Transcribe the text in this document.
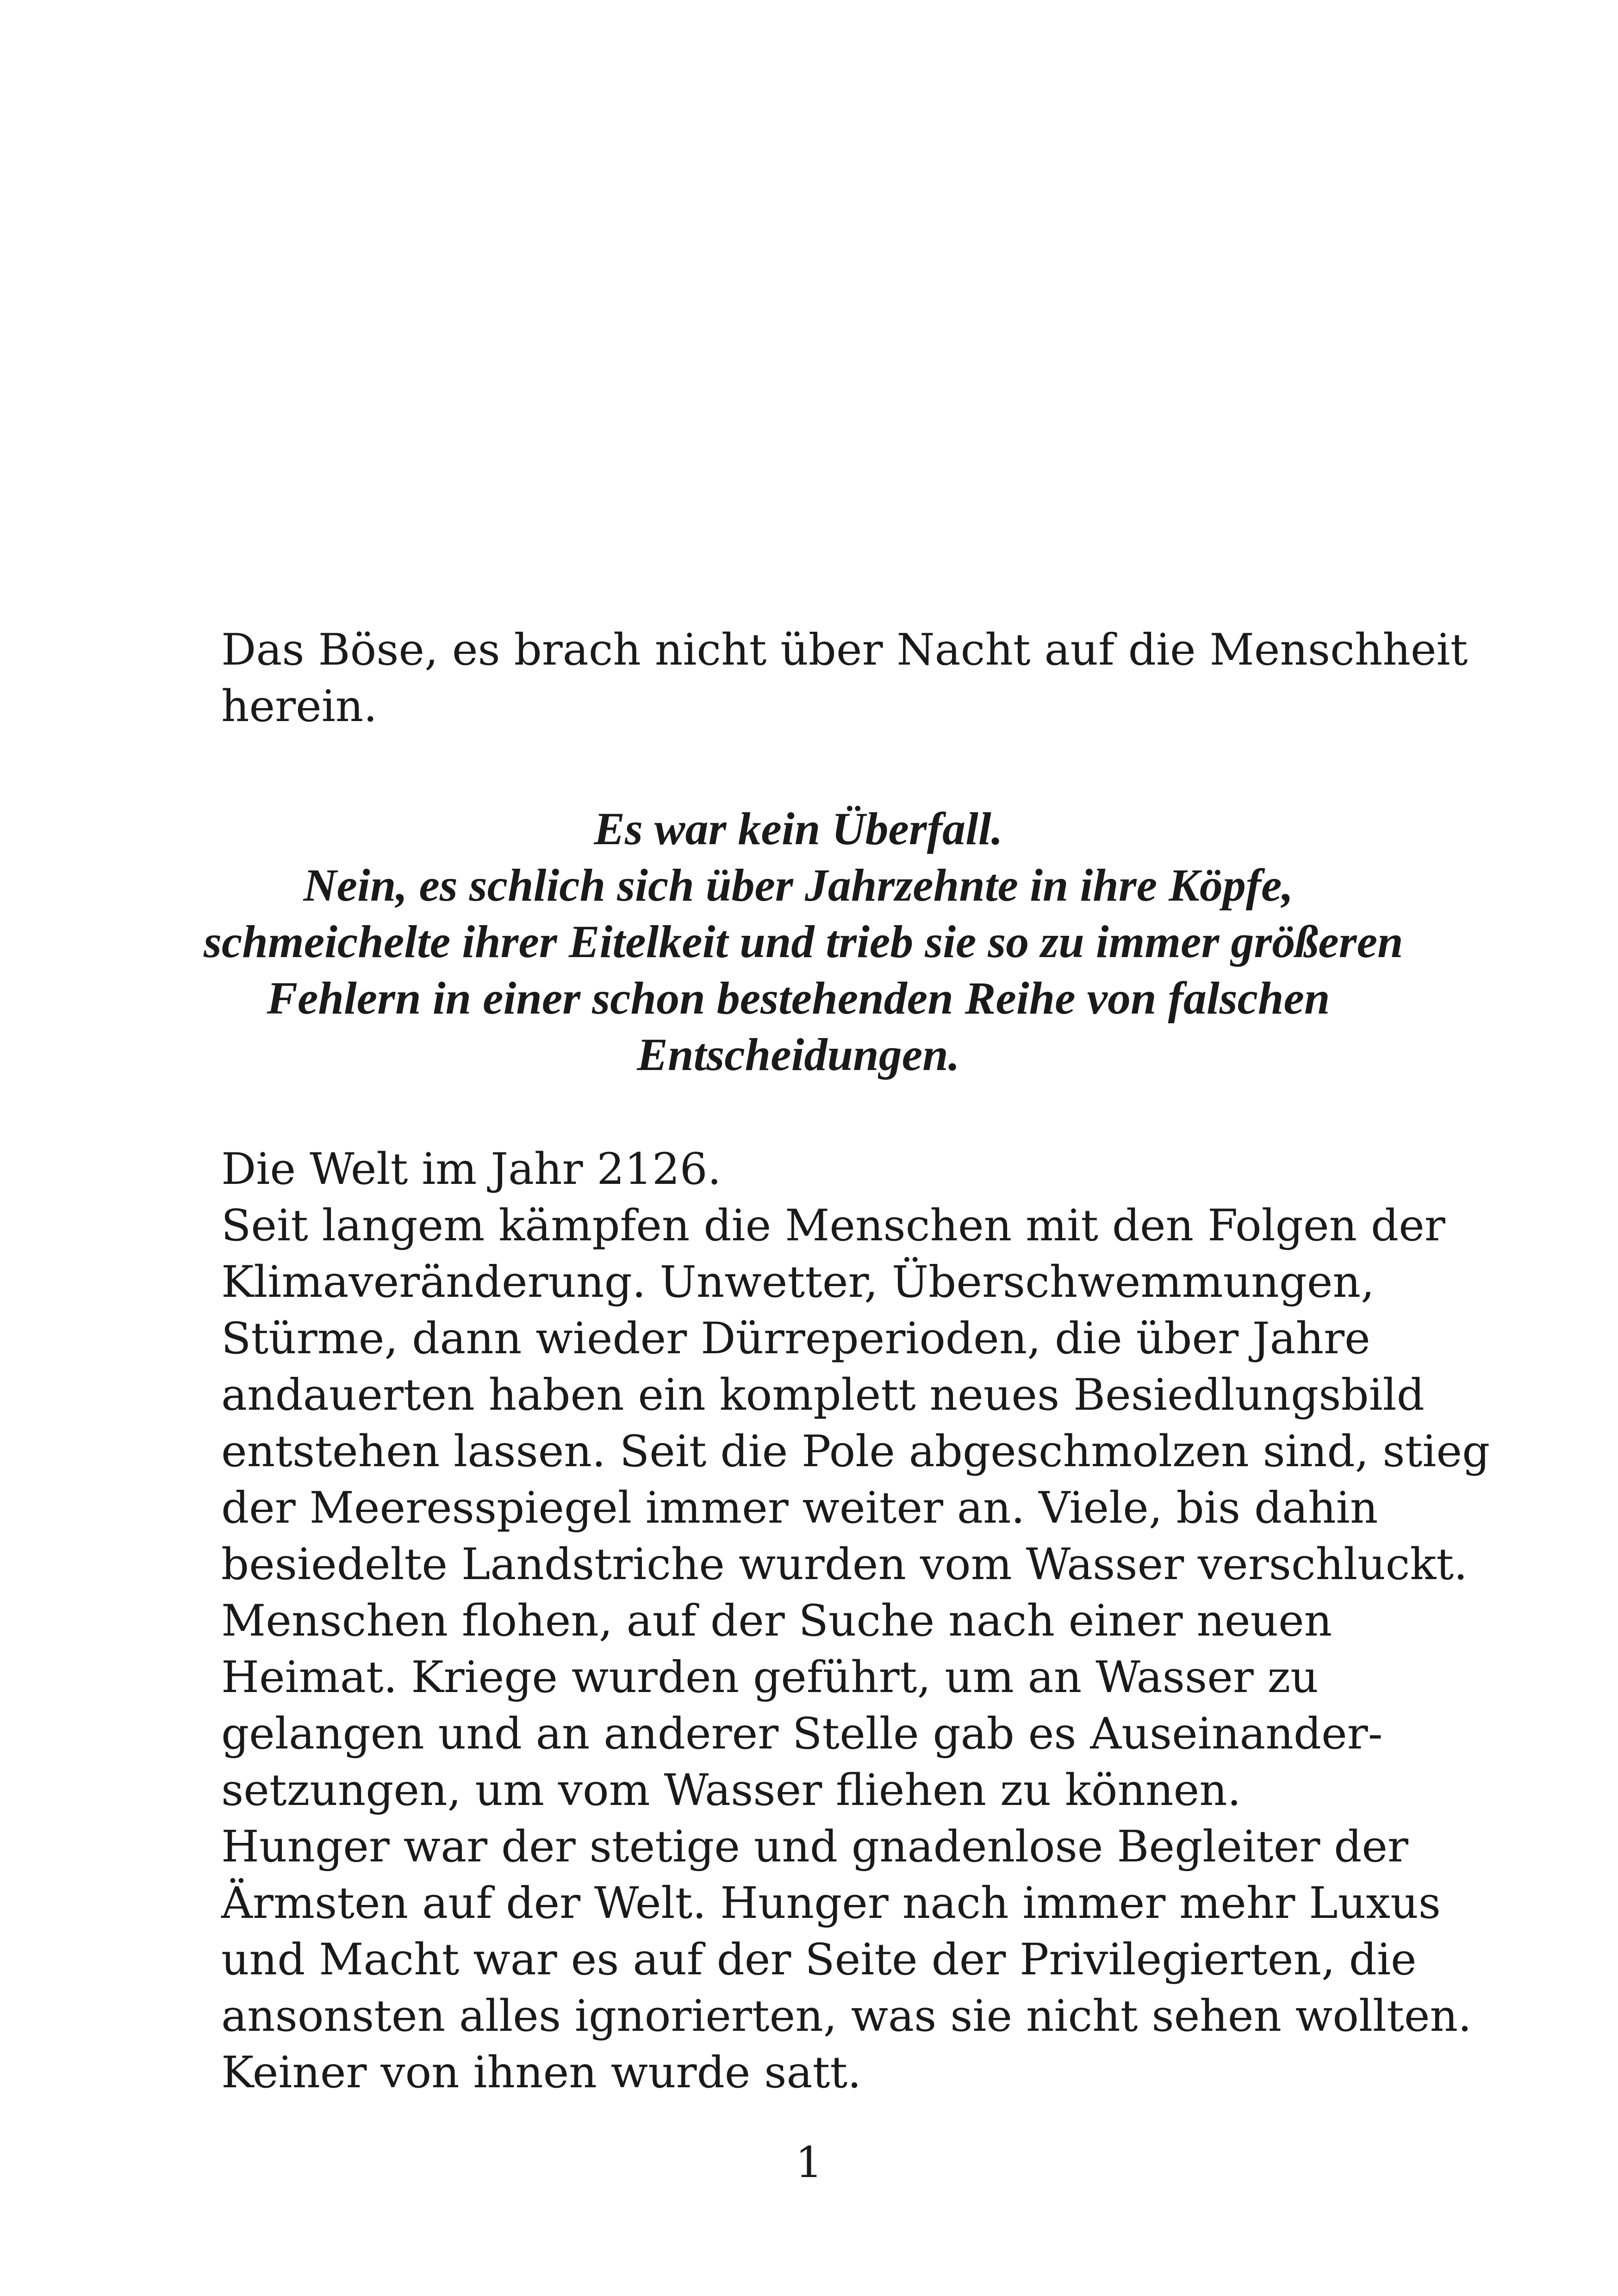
Das Böse, es brach nicht über Nacht auf die Menschheit
herein.

Es war kein Überfall.
Nein, es schlich sich über Jahrzehnte in ihre Köpfe,
schmeichelte ihrer Eitelkeit und trieb sie so zu immer größeren
Fehlern in einer schon bestehenden Reihe von falschen
Entscheidungen.

Die Welt im Jahr 2126.
Seit langem kämpfen die Menschen mit den Folgen der
Klimaveränderung. Unwetter, Überschwemmungen,
Stürme, dann wieder Dürreperioden, die über Jahre
andauerten haben ein komplett neues Besiedlungsbild
entstehen lassen. Seit die Pole abgeschmolzen sind, stieg
der Meeresspiegel immer weiter an. Viele, bis dahin
besiedelte Landstriche wurden vom Wasser verschluckt.
Menschen flohen, auf der Suche nach einer neuen
Heimat. Kriege wurden geführt, um an Wasser zu
gelangen und an anderer Stelle gab es Auseinander-
setzungen, um vom Wasser fliehen zu können.
Hunger war der stetige und gnadenlose Begleiter der
Ärmsten auf der Welt. Hunger nach immer mehr Luxus
und Macht war es auf der Seite der Privilegierten, die
ansonsten alles ignorierten, was sie nicht sehen wollten.
Keiner von ihnen wurde satt.

1
